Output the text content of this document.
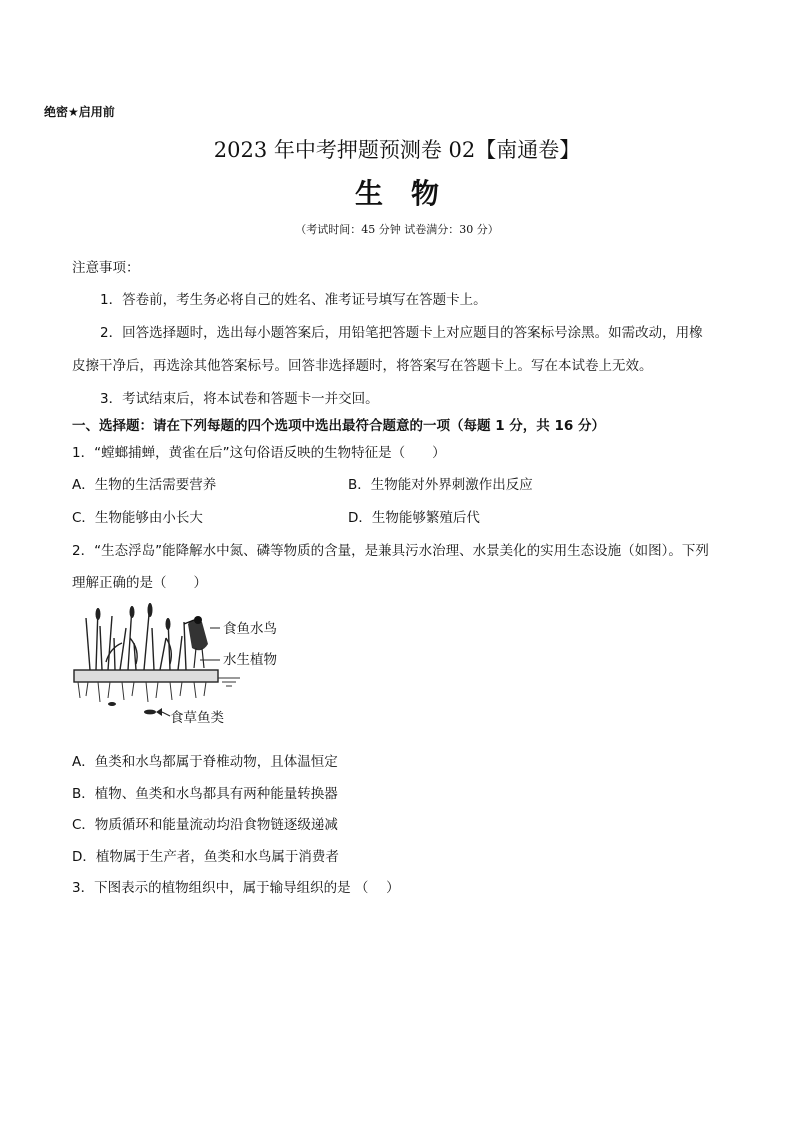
绝密★启用前
2023 年中考押题预测卷 02【南通卷】
生物
（考试时间：45 分钟 试卷满分：30 分）
注意事项：
1．答卷前，考生务必将自己的姓名、准考证号填写在答题卡上。
2．回答选择题时，选出每小题答案后，用铅笔把答题卡上对应题目的答案标号涂黑。如需改动，用橡
皮擦干净后，再选涂其他答案标号。回答非选择题时，将答案写在答题卡上。写在本试卷上无效。
3．考试结束后，将本试卷和答题卡一并交回。
一、选择题：请在下列每题的四个选项中选出最符合题意的一项（每题 1 分，共 16 分）
1．“螳螂捕蝉，黄雀在后”这句俗语反映的生物特征是（　　）
A．生物的生活需要营养	B．生物能对外界刺激作出反应
C．生物能够由小长大	D．生物能够繁殖后代
2．“生态浮岛”能降解水中氮、磷等物质的含量，是兼具污水治理、水景美化的实用生态设施（如图）。下列
理解正确的是（　　）
食鱼水鸟
水生植物
食草鱼类
A．鱼类和水鸟都属于脊椎动物，且体温恒定
B．植物、鱼类和水鸟都具有两种能量转换器
C．物质循环和能量流动均沿食物链逐级递减
D．植物属于生产者，鱼类和水鸟属于消费者
3．下图表示的植物组织中，属于输导组织的是 （　 ）
